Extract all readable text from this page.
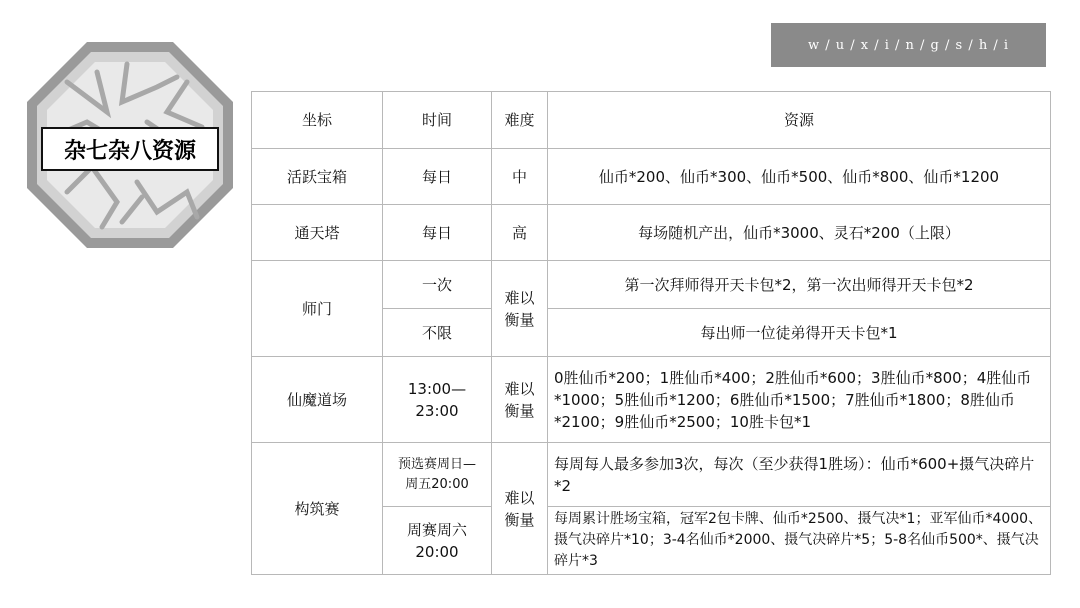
w / u / x / i / n / g / s / h / i
杂七杂八资源
坐标	时间	难度	资源
活跃宝箱	每日	中	仙币*200、仙币*300、仙币*500、仙币*800、仙币*1200
通天塔	每日	高	每场随机产出，仙币*3000、灵石*200（上限）
师门	一次	难以衡量	第一次拜师得开天卡包*2，第一次出师得开天卡包*2
	不限		每出师一位徒弟得开天卡包*1
仙魔道场	13:00—23:00	难以衡量	0胜仙币*200；1胜仙币*400；2胜仙币*600；3胜仙币*800；4胜仙币*1000；5胜仙币*1200；6胜仙币*1500；7胜仙币*1800；8胜仙币*2100；9胜仙币*2500；10胜卡包*1
构筑赛	预选赛周日—周五20:00	难以衡量	每周每人最多参加3次，每次（至少获得1胜场）：仙币*600+摄气决碎片*2
	周赛周六20:00		每周累计胜场宝箱，冠军2包卡牌、仙币*2500、摄气决*1；亚军仙币*4000、摄气决碎片*10；3-4名仙币*2000、摄气决碎片*5；5-8名仙币500*、摄气决碎片*3
